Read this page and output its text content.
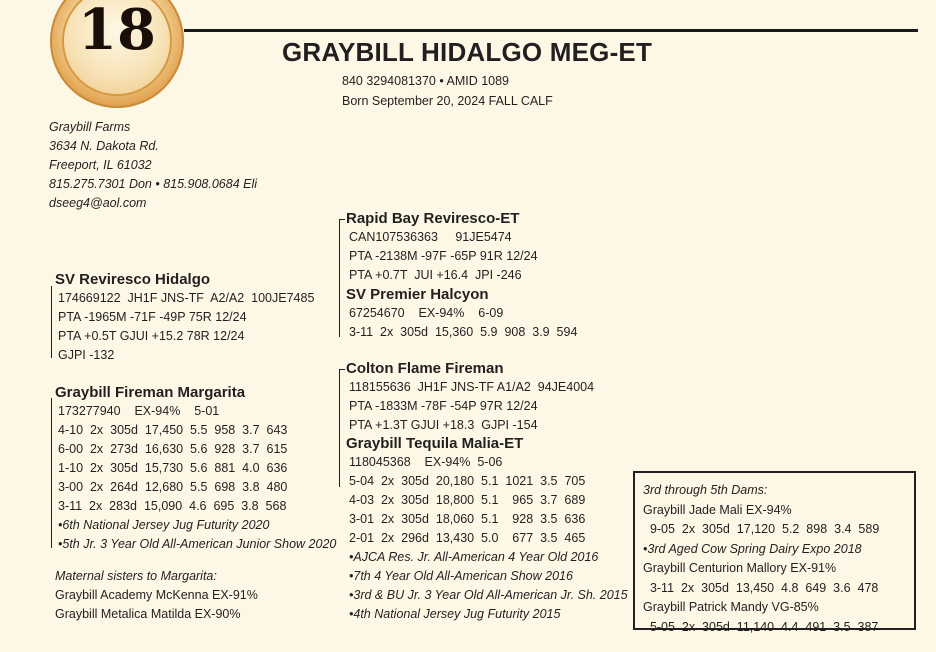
18	GRAYBILL HIDALGO MEG-ET
840 3294081370 • AMID 1089
Born September 20, 2024 FALL CALF
Graybill Farms
3634 N. Dakota Rd.
Freeport, IL 61032
815.275.7301 Don • 815.908.0684 Eli
dseeg4@aol.com
Rapid Bay Reviresco-ET
CAN107536363     91JE5474
PTA -2138M -97F -65P 91R 12/24
PTA +0.7T  JUI +16.4  JPI -246
SV Premier Halcyon
67254670    EX-94%    6-09
3-11  2x  305d  15,360  5.9  908  3.9  594
SV Reviresco Hidalgo
174669122  JH1F JNS-TF  A2/A2  100JE7485
PTA -1965M -71F -49P 75R 12/24
PTA +0.5T GJUI +15.2 78R 12/24
GJPI -132
Graybill Fireman Margarita
173277940    EX-94%    5-01
4-10  2x  305d  17,450  5.5  958  3.7  643
6-00  2x  273d  16,630  5.6  928  3.7  615
1-10  2x  305d  15,730  5.6  881  4.0  636
3-00  2x  264d  12,680  5.5  698  3.8  480
3-11  2x  283d  15,090  4.6  695  3.8  568
•6th National Jersey Jug Futurity 2020
•5th Jr. 3 Year Old All-American Junior Show 2020
Colton Flame Fireman
118155636  JH1F JNS-TF A1/A2  94JE4004
PTA -1833M -78F -54P 97R 12/24
PTA +1.3T GJUI +18.3  GJPI -154
Graybill Tequila Malia-ET
118045368    EX-94%  5-06
5-04  2x  305d  20,180  5.1  1021  3.5  705
4-03  2x  305d  18,800  5.1    965  3.7  689
3-01  2x  305d  18,060  5.1    928  3.5  636
2-01  2x  296d  13,430  5.0    677  3.5  465
•AJCA Res. Jr. All-American 4 Year Old 2016
•7th 4 Year Old All-American Show 2016
•3rd & BU Jr. 3 Year Old All-American Jr. Sh. 2015
•4th National Jersey Jug Futurity 2015
Maternal sisters to Margarita:
Graybill Academy McKenna EX-91%
Graybill Metalica Matilda EX-90%
3rd through 5th Dams:
Graybill Jade Mali EX-94%
9-05  2x  305d  17,120  5.2  898  3.4  589
•3rd Aged Cow Spring Dairy Expo 2018
Graybill Centurion Mallory EX-91%
3-11  2x  305d  13,450  4.8  649  3.6  478
Graybill Patrick Mandy VG-85%
5-05  2x  305d  11,140  4.4  491  3.5  387
